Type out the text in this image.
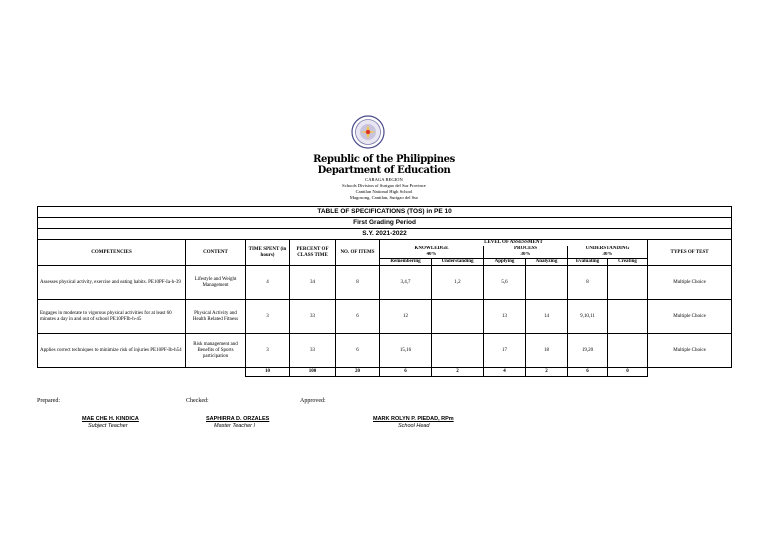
Republic of the Philippines
Department of Education
CARAGA REGION
Schools Division of Surigao del Sur Province
Cantilan National High School
Magosong, Cantilan, Surigao del Sur
TABLE OF SPECIFICATIONS (TOS) in PE 10											
First Grading Period											
S.Y. 2021-2022											
COMPETENCIES	CONTENT	TIME SPENT (in hours)	PERCENT OF CLASS TIME	NO. OF ITEMS	LEVEL OF ASSESSMENT						TYPES OF TEST
					KNOWLEDGE		PROCESS		UNDERSTANDING		
					40%		30%		30%		
					Remembering	Understanding	Applying	Analyzing	Evaluating	Creating	
Assesses physical activity, exercise and eating habits. PE10PF-Ia-h-39	Lifestyle and Weight Management	4	34	8	3,4,7	1,2	5,6		8		Multiple Choice
Engages in moderate to vigorous physical activities for at least 60 minutes a day in and out of school PE10PFIb-h-45	Physical Activity and Health Related Fitness	3	33	6	12		13	14	9,10,11		Multiple Choice
Applies correct techniques to minimize risk of injuries PE10PF-Ib-h54	Risk management and Benefits of Sports participation	3	33	6	15,16		17	18	19,20		Multiple Choice
		10	100	20	6	2	4	2	6	0	
Prepared:	Checked:	Approved:
MAE CHE H. KINDICA
Subject Teacher
SAPHIRRA D. ORZALES
Master Teacher I
MARK ROLYN P. PIEDAD, RPm
School Head
